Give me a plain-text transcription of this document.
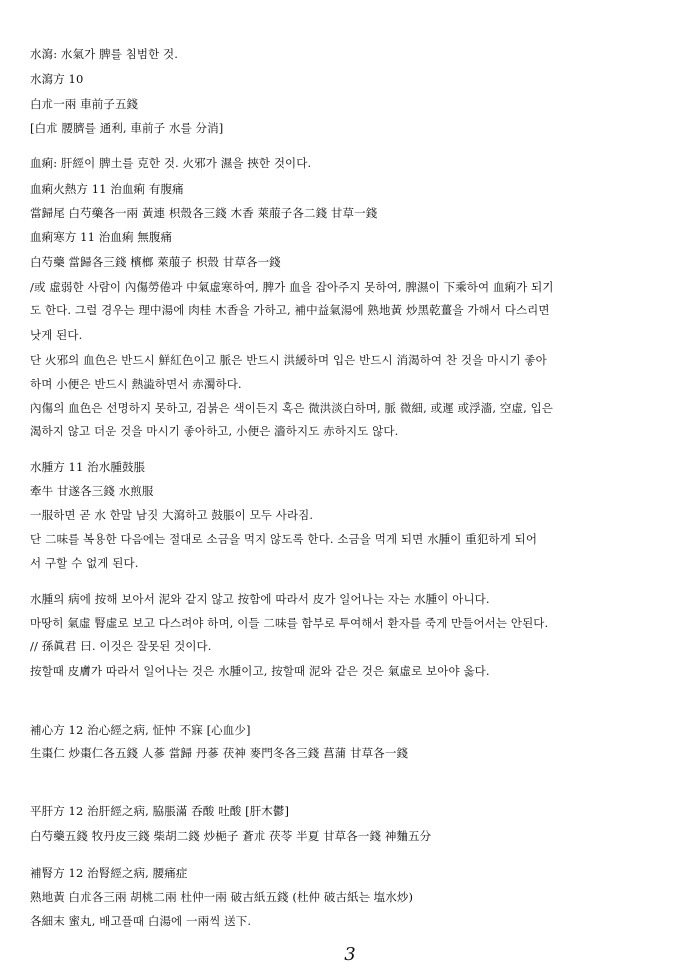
水瀉: 水氣가 脾를 침범한 것.
水瀉方 10
白朮一兩 車前子五錢
[白朮 腰臍를 通利, 車前子 水를 分消]
血痢: 肝經이 脾土를 克한 것. 火邪가 濕을 挾한 것이다.
血痢火熱方 11 治血痢 有腹痛
當歸尾 白芍藥各一兩 黃連 枳殼各三錢 木香 萊菔子各二錢 甘草一錢
血痢寒方 11 治血痢 無腹痛
白芍藥 當歸各三錢 檳榔 萊菔子 枳殼 甘草各一錢
/或 虛弱한 사람이 內傷勞倦과 中氣虛寒하여, 脾가 血을 잡아주지 못하여, 脾濕이 下乘하여 血痢가 되기
도 한다. 그럴 경우는 理中湯에 肉桂 木香을 가하고, 補中益氣湯에 熟地黃 炒黑乾薑을 가해서 다스리면
낫게 된다.
단 火邪의 血色은 반드시 鮮紅色이고 脈은 반드시 洪緩하며 입은 반드시 消渴하여 찬 것을 마시기 좋아
하며 小便은 반드시 熱澁하면서 赤濁하다.
內傷의 血色은 선명하지 못하고, 검붉은 색이든지 혹은 微洪淡白하며, 脈 微細, 或遲 或浮濇, 空虛, 입은
渴하지 않고 더운 것을 마시기 좋아하고, 小便은 濇하지도 赤하지도 않다.
水腫方 11 治水腫鼓脹
牽牛 甘遂各三錢 水煎服
一服하면 곧 水 한말 남짓 大瀉하고 鼓脹이 모두 사라짐.
단 二味를 복용한 다음에는 절대로 소금을 먹지 않도록 한다. 소금을 먹게 되면 水腫이 重犯하게 되어
서 구할 수 없게 된다.
水腫의 病에 按해 보아서 泥와 같지 않고 按함에 따라서 皮가 일어나는 자는 水腫이 아니다.
마땅히 氣虛 腎虛로 보고 다스려야 하며, 이들 二味를 함부로 투여해서 환자를 죽게 만들어서는 안된다.
// 孫眞君 曰. 이것은 잘못된 것이다.
按할때 皮膚가 따라서 일어나는 것은 水腫이고, 按할때 泥와 같은 것은 氣虛로 보아야 옳다.
補心方 12 治心經之病, 怔忡 不寐 [心血少]
生棗仁 炒棗仁各五錢 人蔘 當歸 丹蔘 茯神 麥門冬各三錢 菖蒲 甘草各一錢
平肝方 12 治肝經之病, 脇脹滿 呑酸 吐酸 [肝木鬱]
白芍藥五錢 牧丹皮三錢 柴胡二錢 炒梔子 蒼朮 茯苓 半夏 甘草各一錢 神麯五分
補腎方 12 治腎經之病, 腰痛症
熟地黃 白朮各三兩 胡桃二兩 杜仲一兩 破古紙五錢 (杜仲 破古紙는 塩水炒)
各細末 蜜丸, 배고플때 白湯에 一兩씩 送下.
3
